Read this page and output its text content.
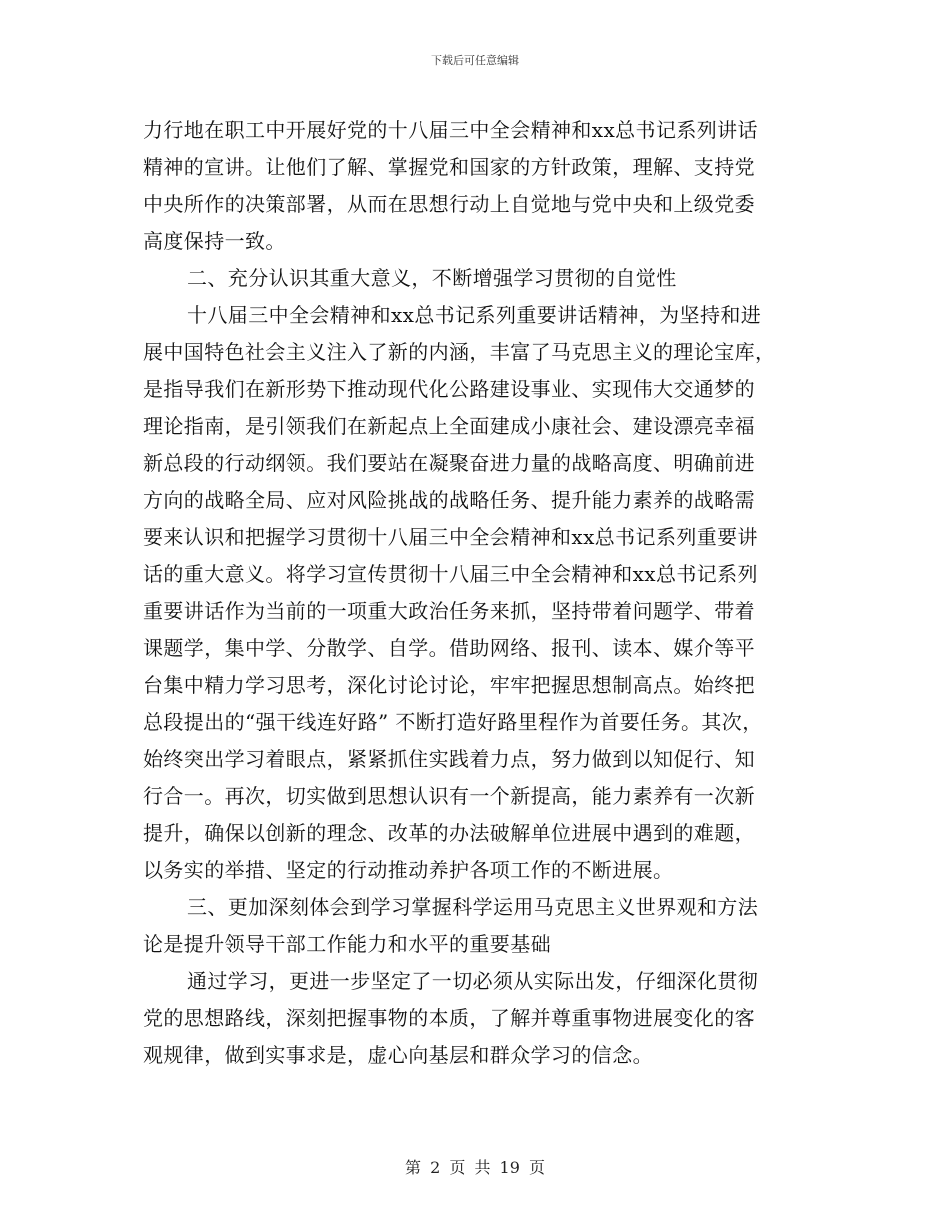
下载后可任意编辑
力行地在职工中开展好党的十八届三中全会精神和xx总书记系列讲话
精神的宣讲。让他们了解、掌握党和国家的方针政策，理解、支持党
中央所作的决策部署，从而在思想行动上自觉地与党中央和上级党委
高度保持一致。
二、充分认识其重大意义，不断增强学习贯彻的自觉性
十八届三中全会精神和xx总书记系列重要讲话精神，为坚持和进
展中国特色社会主义注入了新的内涵，丰富了马克思主义的理论宝库，
是指导我们在新形势下推动现代化公路建设事业、实现伟大交通梦的
理论指南，是引领我们在新起点上全面建成小康社会、建设漂亮幸福
新总段的行动纲领。我们要站在凝聚奋进力量的战略高度、明确前进
方向的战略全局、应对风险挑战的战略任务、提升能力素养的战略需
要来认识和把握学习贯彻十八届三中全会精神和xx总书记系列重要讲
话的重大意义。将学习宣传贯彻十八届三中全会精神和xx总书记系列
重要讲话作为当前的一项重大政治任务来抓，坚持带着问题学、带着
课题学，集中学、分散学、自学。借助网络、报刊、读本、媒介等平
台集中精力学习思考，深化讨论讨论，牢牢把握思想制高点。始终把
总段提出的“强干线连好路” 不断打造好路里程作为首要任务。其次，
始终突出学习着眼点，紧紧抓住实践着力点，努力做到以知促行、知
行合一。再次，切实做到思想认识有一个新提高，能力素养有一次新
提升，确保以创新的理念、改革的办法破解单位进展中遇到的难题，
以务实的举措、坚定的行动推动养护各项工作的不断进展。
三、更加深刻体会到学习掌握科学运用马克思主义世界观和方法
论是提升领导干部工作能力和水平的重要基础
通过学习，更进一步坚定了一切必须从实际出发，仔细深化贯彻
党的思想路线，深刻把握事物的本质，了解并尊重事物进展变化的客
观规律，做到实事求是，虚心向基层和群众学习的信念。
第 2 页 共 19 页
